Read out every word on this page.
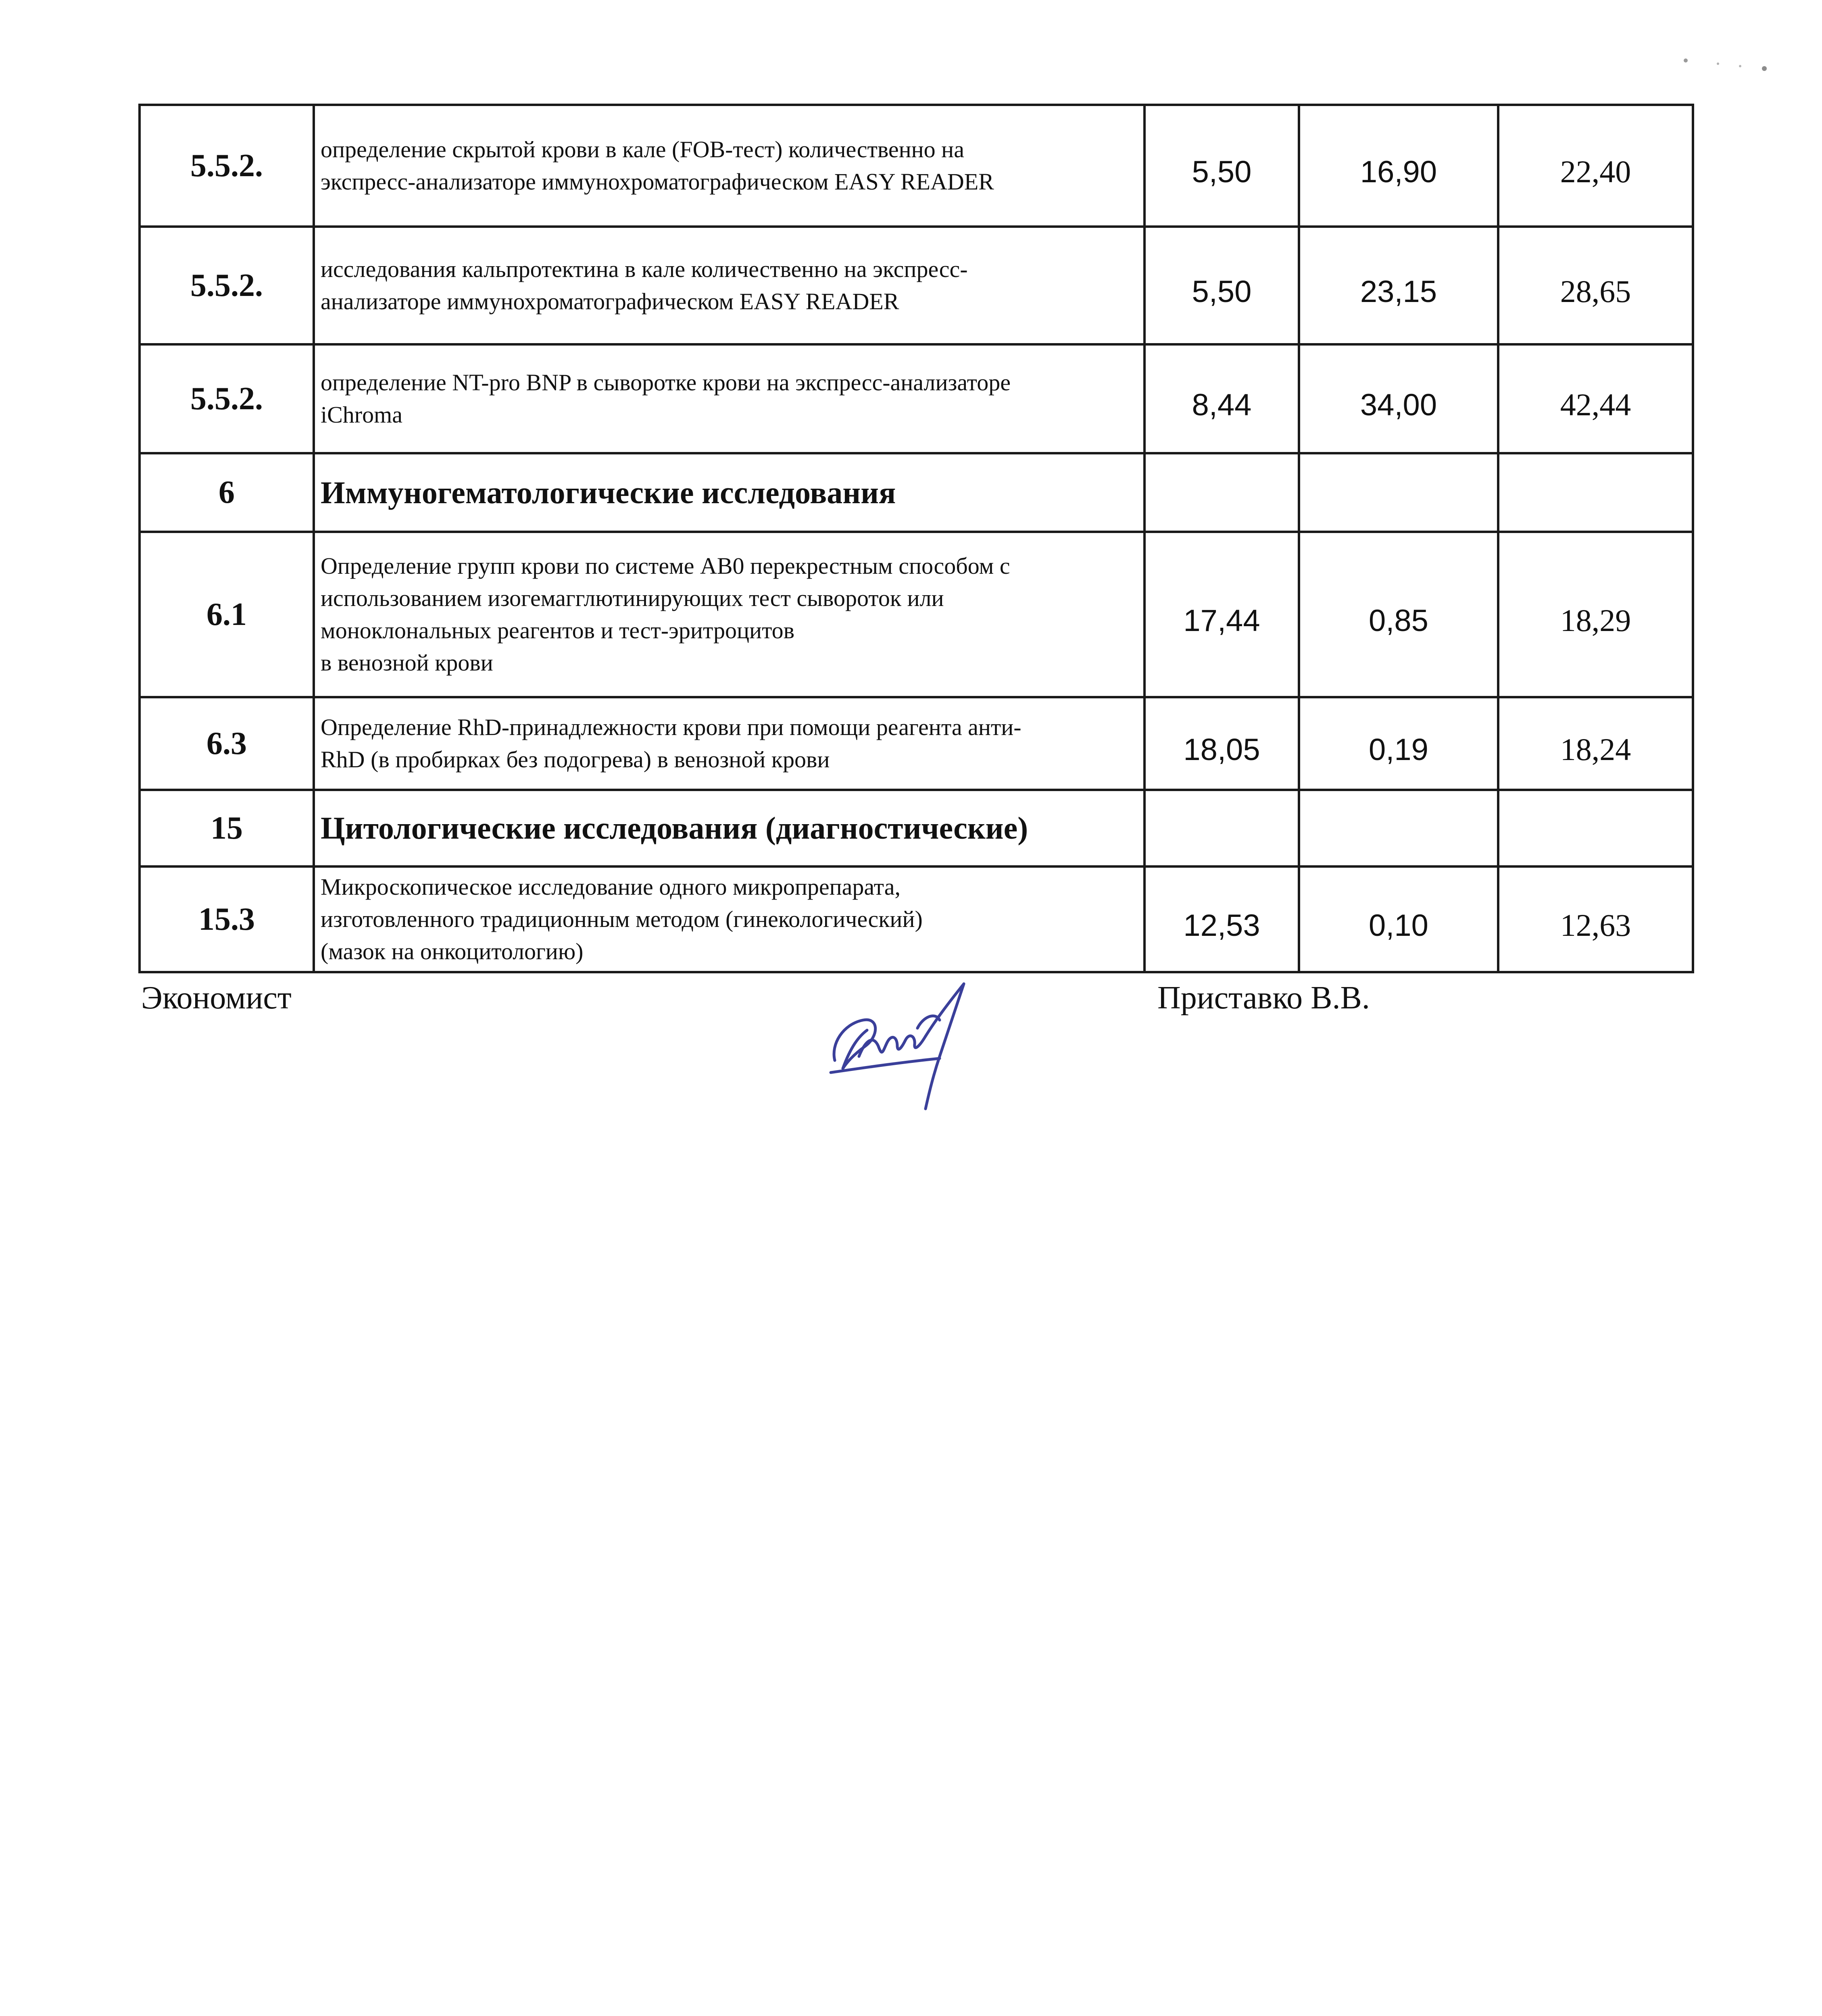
5.5.2.	определение скрытой крови в кале (FOB-тест) количественно на
экспресс-анализаторе иммунохроматографическом EASY READER	5,50	16,90	22,40
5.5.2.	исследования кальпротектина в кале количественно на экспресс-
анализаторе иммунохроматографическом EASY READER	5,50	23,15	28,65
5.5.2.	определение NT-pro BNP в сыворотке крови на экспресс-анализаторе
iChroma	8,44	34,00	42,44
6	Иммуногематологические исследования			
6.1	Определение групп крови по системе АВ0 перекрестным способом с
использованием изогемагглютинирующих тест сывороток или
моноклональных реагентов и тест-эритроцитов
в венозной крови	17,44	0,85	18,29
6.3	Определение RhD-принадлежности крови при помощи реагента анти-
RhD (в пробирках без подогрева) в венозной крови	18,05	0,19	18,24
15	Цитологические исследования (диагностические)			
15.3	Микроскопическое исследование одного микропрепарата,
изготовленного традиционным методом (гинекологический)
(мазок на онкоцитологию)	12,53	0,10	12,63
Экономист	Приставко В.В.
